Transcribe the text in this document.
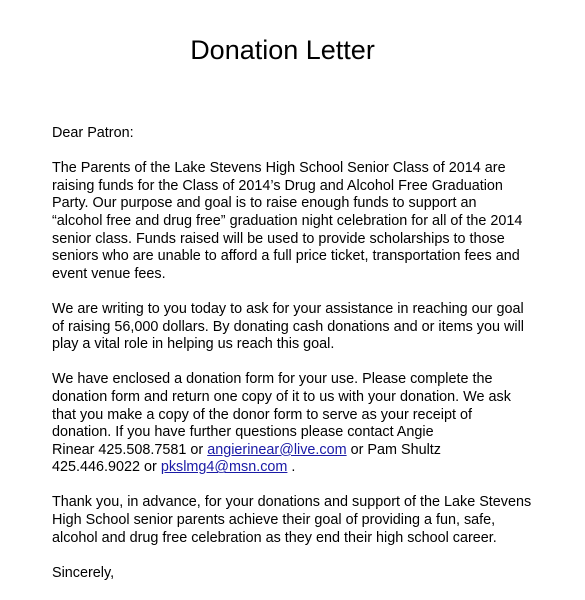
Donation Letter
Dear Patron:
The Parents of the Lake Stevens High School Senior Class of 2014 are
raising funds for the Class of 2014’s Drug and Alcohol Free Graduation
Party. Our purpose and goal is to raise enough funds to support an
“alcohol free and drug free” graduation night celebration for all of the 2014
senior class. Funds raised will be used to provide scholarships to those
seniors who are unable to afford a full price ticket, transportation fees and
event venue fees.
We are writing to you today to ask for your assistance in reaching our goal
of raising 56,000 dollars. By donating cash donations and or items you will
play a vital role in helping us reach this goal.
We have enclosed a donation form for your use. Please complete the
donation form and return one copy of it to us with your donation. We ask
that you make a copy of the donor form to serve as your receipt of
donation. If you have further questions please contact Angie
Rinear 425.508.7581 or angierinear@live.com or Pam Shultz
425.446.9022 or pkslmg4@msn.com .
Thank you, in advance, for your donations and support of the Lake Stevens
High School senior parents achieve their goal of providing a fun, safe,
alcohol and drug free celebration as they end their high school career.
Sincerely,
